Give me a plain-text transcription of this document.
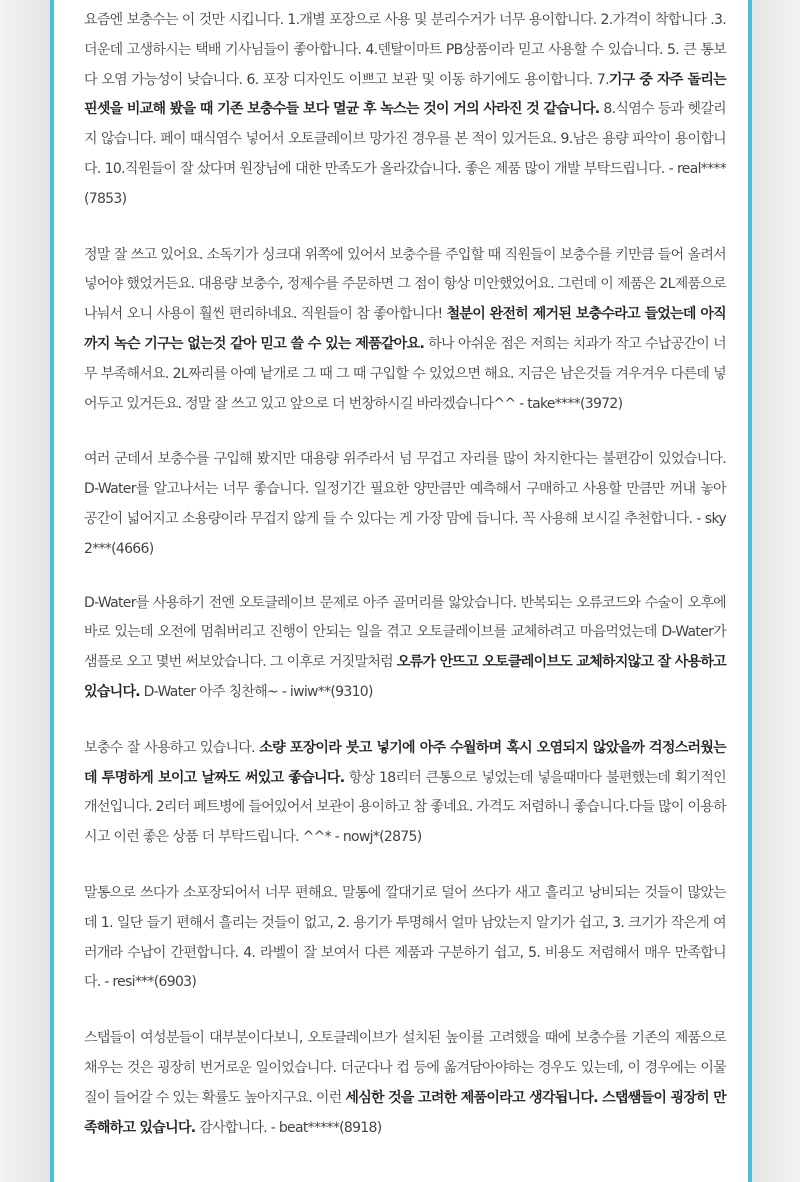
요즘엔 보충수는 이 것만 시킵니다. 1.개별 포장으로 사용 및 분리수거가 너무 용이합니다. 2.가격이 착합니다 .3.더운데 고생하시는 택배 기사님들이 좋아합니다. 4.덴탈이마트 PB상품이라 믿고 사용할 수 있습니다. 5. 큰 통보다 오염 가능성이 낮습니다. 6. 포장 디자인도 이쁘고 보관 및 이동 하기에도 용이합니다. 7.기구 중 자주 돌리는 핀셋을 비교해 봤을 때 기존 보충수들 보다 멸균 후 녹스는 것이 거의 사라진 것 같습니다. 8.식염수 등과 헷갈리지 않습니다. 페이 때식염수 넣어서 오토클레이브 망가진 경우를 본 적이 있거든요. 9.남은 용량 파악이 용이합니다. 10.직원들이 잘 샀다며 원장님에 대한 만족도가 올라갔습니다. 좋은 제품 많이 개발 부탁드립니다. - real****(7853)

정말 잘 쓰고 있어요. 소독기가 싱크대 위쪽에 있어서 보충수를 주입할 때 직원들이 보충수를 키만큼 들어 올려서 넣어야 했었거든요. 대용량 보충수, 정제수를 주문하면 그 점이 항상 미안했었어요. 그런데 이 제품은 2L제품으로 나눠서 오니 사용이 훨씬 편리하네요. 직원들이 참 좋아합니다! 철분이 완전히 제거된 보충수라고 들었는데 아직까지 녹슨 기구는 없는것 같아 믿고 쓸 수 있는 제품같아요. 하나 아쉬운 점은 저희는 치과가 작고 수납공간이 너무 부족해서요. 2L짜리를 아예 낱개로 그 때 그 때 구입할 수 있었으면 해요. 지금은 남은것들 겨우겨우 다른데 넣어두고 있거든요. 정말 잘 쓰고 있고 앞으로 더 번창하시길 바라겠습니다^^ - take****(3972)

여러 군데서 보충수를 구입해 봤지만 대용량 위주라서 넘 무겁고 자리를 많이 차지한다는 불편감이 있었습니다. D-Water를 알고나서는 너무 좋습니다. 일정기간 필요한 양만큼만 예측해서 구매하고 사용할 만큼만 꺼내 놓아 공간이 넓어지고 소용량이라 무겁지 않게 들 수 있다는 게 가장 맘에 듭니다. 꼭 사용해 보시길 추천합니다. - sky2***(4666)

D-Water를 사용하기 전엔 오토클레이브 문제로 아주 골머리를 앓았습니다. 반복되는 오류코드와 수술이 오후에 바로 있는데 오전에 멈춰버리고 진행이 안되는 일을 겪고 오토클레이브를 교체하려고 마음먹었는데 D-Water가 샘플로 오고 몇번 써보았습니다. 그 이후로 거짓말처럼 오류가 안뜨고 오토클레이브도 교체하지않고 잘 사용하고 있습니다. D-Water 아주 칭찬해~ - iwiw**(9310)

보충수 잘 사용하고 있습니다. 소량 포장이라 붓고 넣기에 아주 수월하며 혹시 오염되지 않았을까 걱정스러웠는데 투명하게 보이고 날짜도 써있고 좋습니다. 항상 18리터 큰통으로 넣었는데 넣을때마다 불편했는데 획기적인 개선입니다. 2리터 페트병에 들어있어서 보관이 용이하고 참 좋네요. 가격도 저렴하니 좋습니다.다들 많이 이용하시고 이런 좋은 상품 더 부탁드립니다. ^^* - nowj*(2875)

말통으로 쓰다가 소포장되어서 너무 편해요. 말통에 깔대기로 덜어 쓰다가 새고 흘리고 낭비되는 것들이 많았는데 1. 일단 들기 편해서 흘리는 것들이 없고, 2. 용기가 투명해서 얼마 남았는지 알기가 쉽고, 3. 크기가 작은게 여러개라 수납이 간편합니다. 4. 라벨이 잘 보여서 다른 제품과 구분하기 쉽고, 5. 비용도 저렴해서 매우 만족합니다. - resi***(6903)

스탭들이 여성분들이 대부분이다보니, 오토클레이브가 설치된 높이를 고려했을 때에 보충수를 기존의 제품으로 채우는 것은 굉장히 번거로운 일이었습니다. 더군다나 컵 등에 옮겨담아야하는 경우도 있는데, 이 경우에는 이물질이 들어갈 수 있는 확률도 높아지구요. 이런 세심한 것을 고려한 제품이라고 생각됩니다. 스탭쌤들이 굉장히 만족해하고 있습니다. 감사합니다. - beat*****(8918)
